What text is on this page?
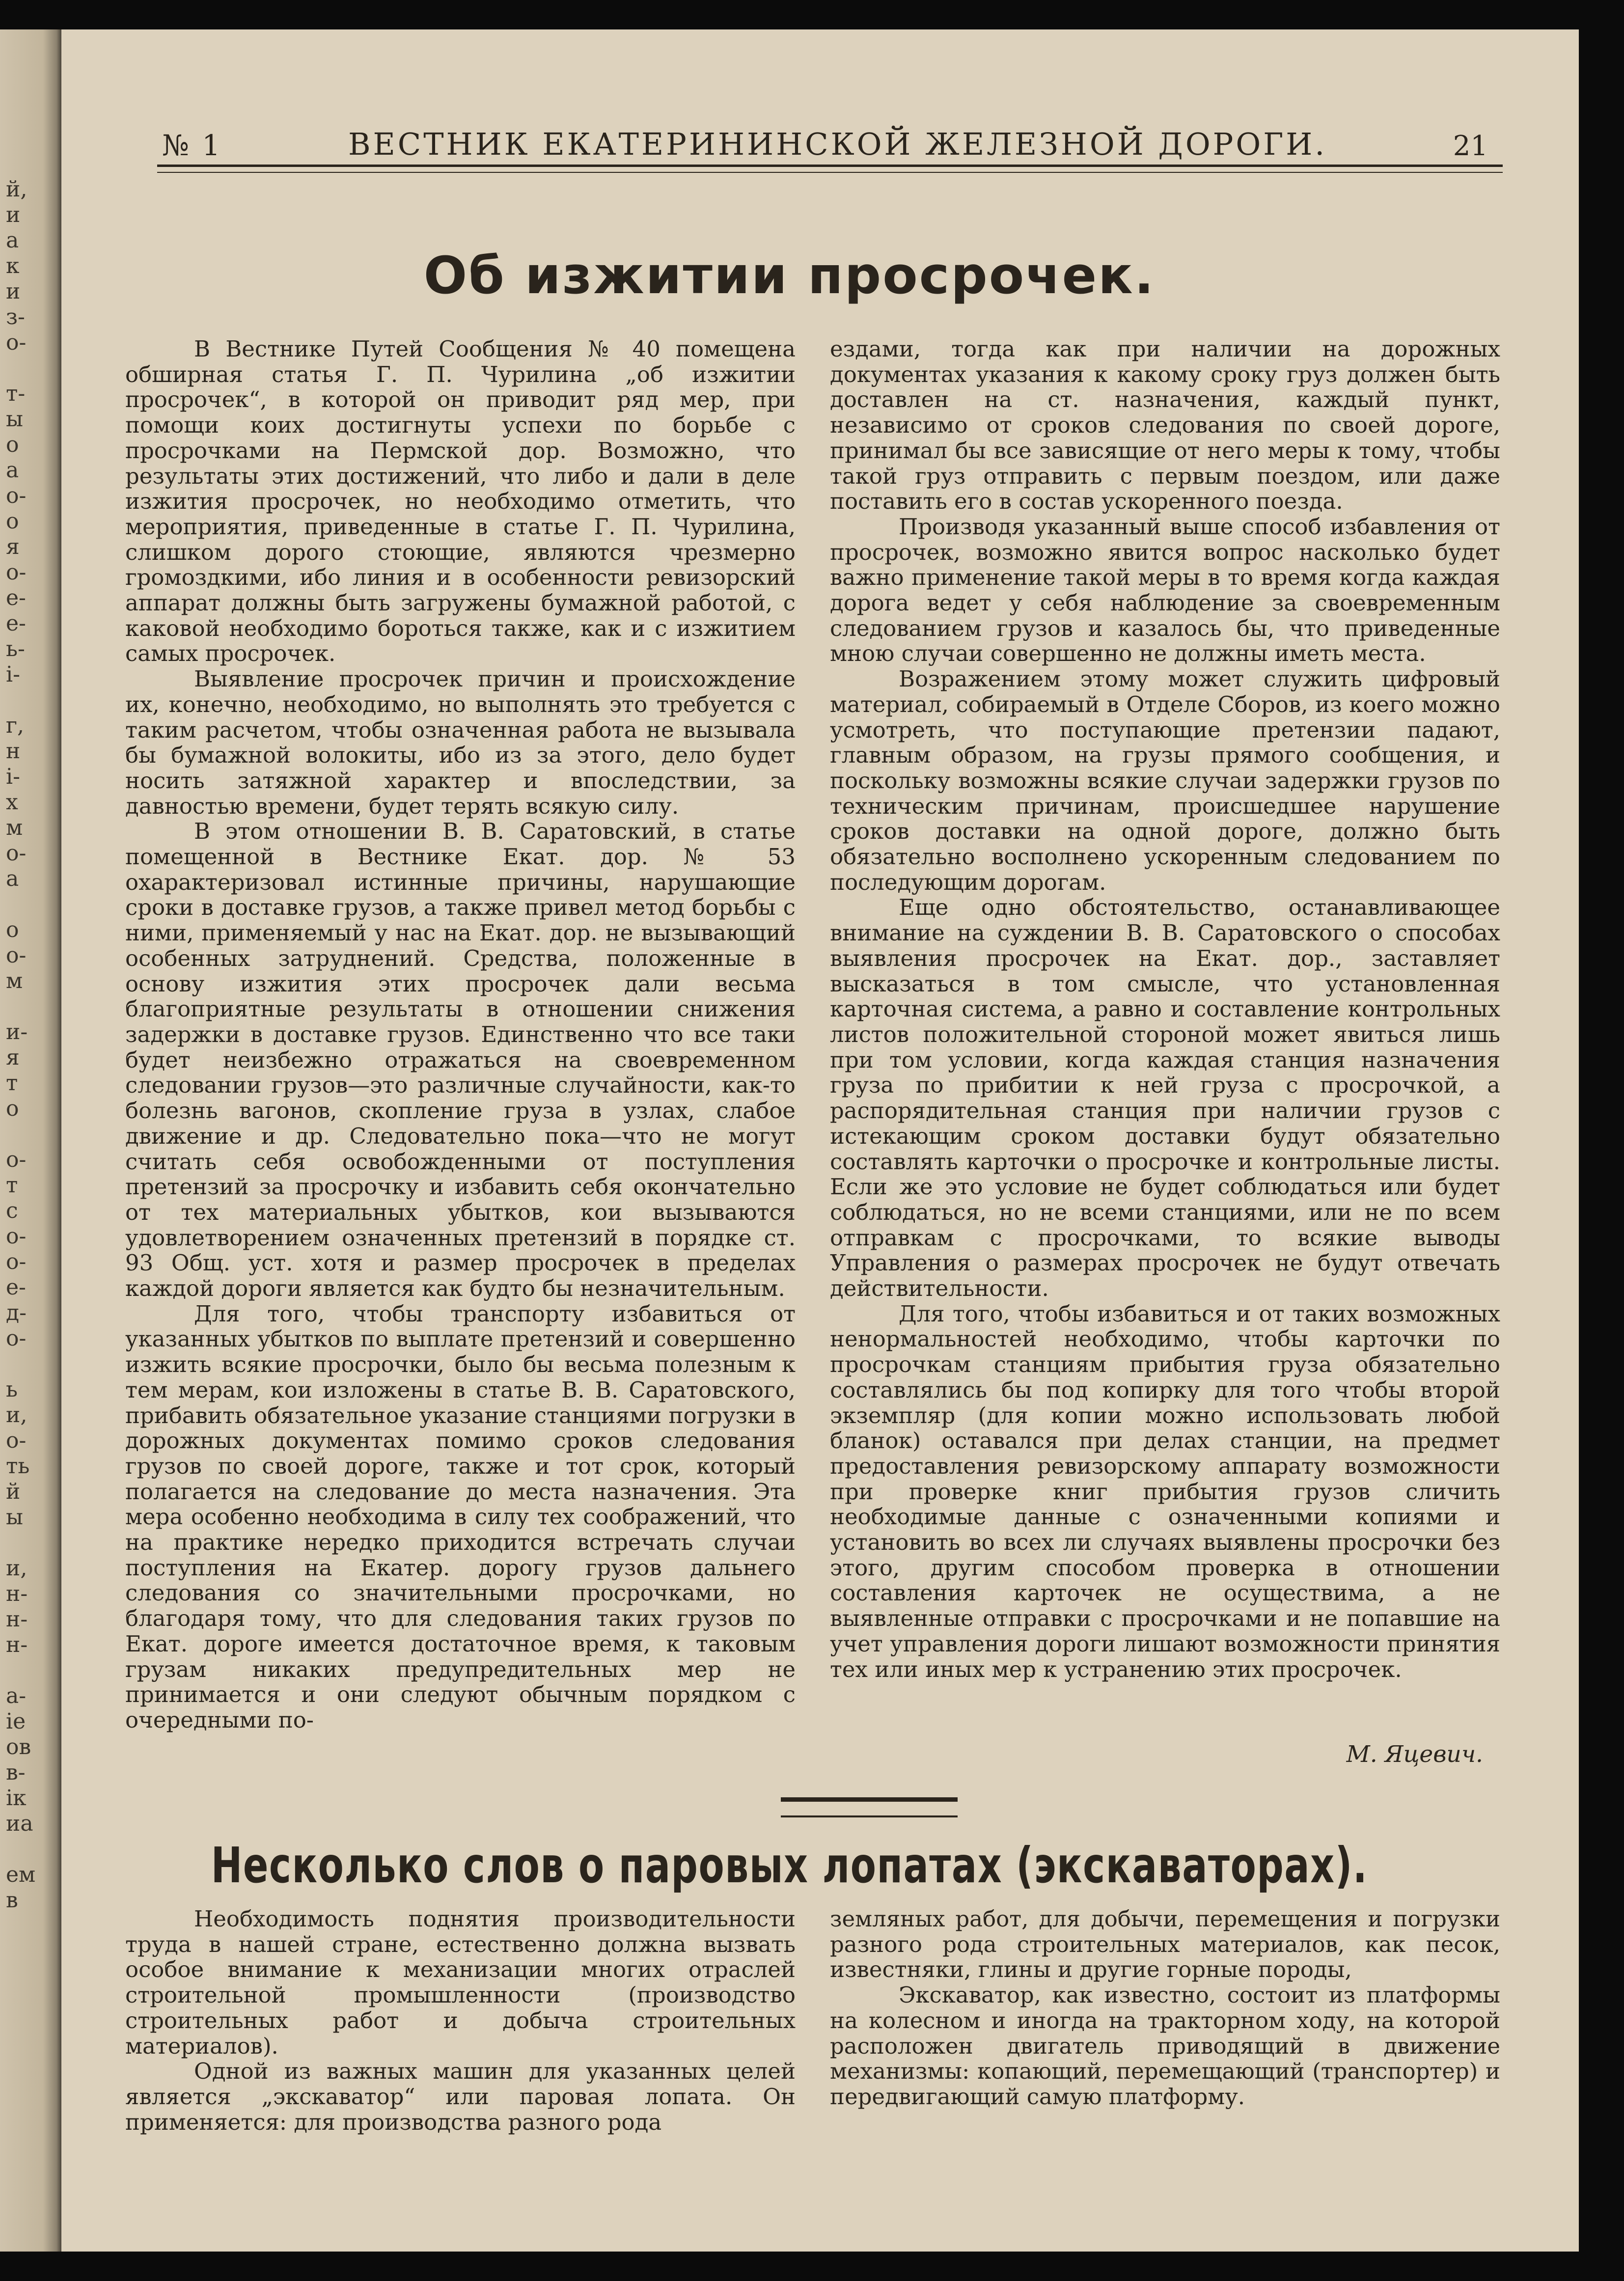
й,
и
а
к
и
з-
о-
т-
ы
о
а
о-
о
я
о-
е-
е-
ь-
і-
г,
н
і-
х
м
о-
а
о
о-
м
и-
я
т
о
о-
т
с
о-
о-
е-
д-
о-
ь
и,
о-
ть
й
ы
и,
н-
н-
н-
а-
іе
ов
в-
ік
иа
ем
в
№ 1	ВЕСТНИК ЕКАТЕРИНИНСКОЙ ЖЕЛЕЗНОЙ ДОРОГИ.	21
Об изжитии просрочек.

В Вестнике Путей Сообщения № 40 помещена обширная статья Г. П. Чурилина „об изжитии просрочек“, в которой он приводит ряд мер, при помощи коих достигнуты успехи по борьбе с просрочками на Пермской дор. Возможно, что результаты этих достижений, что либо и дали в деле изжития просрочек, но необходимо отметить, что мероприятия, приведенные в статье Г. П. Чурилина, слишком дорого стоющие, являются чрезмерно громоздкими, ибо линия и в особенности ревизорский аппарат должны быть загружены бумажной работой, с каковой необходимо бороться также, как и с изжитием самых просрочек.

Выявление просрочек причин и происхождение их, конечно, необходимо, но выполнять это требуется с таким расчетом, чтобы означенная работа не вызывала бы бумажной волокиты, ибо из за этого, дело будет носить затяжной характер и впоследствии, за давностью времени, будет терять всякую силу.

В этом отношении В. В. Саратовский, в статье помещенной в Вестнике Екат. дор. № 53 охарактеризовал истинные причины, нарушающие сроки в доставке грузов, а также привел метод борьбы с ними, применяемый у нас на Екат. дор. не вызывающий особенных затруднений. Средства, положенные в основу изжития этих просрочек дали весьма благоприятные результаты в отношении снижения задержки в доставке грузов. Единственно что все таки будет неизбежно отражаться на своевременном следовании грузов—это различные случайности, как-то болезнь вагонов, скопление груза в узлах, слабое движение и др. Следовательно пока—что не могут считать себя освобожденными от поступления претензий за просрочку и избавить себя окончательно от тех материальных убытков, кои вызываются удовлетворением означенных претензий в порядке ст. 93 Общ. уст. хотя и размер просрочек в пределах каждой дороги является как будто бы незначительным.

Для того, чтобы транспорту избавиться от указанных убытков по выплате претензий и совершенно изжить всякие просрочки, было бы весьма полезным к тем мерам, кои изложены в статье В. В. Саратовского, прибавить обязательное указание станциями погрузки в дорожных документах помимо сроков следования грузов по своей дороге, также и тот срок, который полагается на следование до места назначения. Эта мера особенно необходима в силу тех соображений, что на практике нередко приходится встречать случаи поступления на Екатер. дорогу грузов дальнего следования со значительными просрочками, но благодаря тому, что для следования таких грузов по Екат. дороге имеется достаточное время, к таковым грузам никаких предупредительных мер не принимается и они следуют обычным порядком с очередными по-

ездами, тогда как при наличии на дорожных документах указания к какому сроку груз должен быть доставлен на ст. назначения, каждый пункт, независимо от сроков следования по своей дороге, принимал бы все зависящие от него меры к тому, чтобы такой груз отправить с первым поездом, или даже поставить его в состав ускоренного поезда.

Производя указанный выше способ избавления от просрочек, возможно явится вопрос насколько будет важно применение такой меры в то время когда каждая дорога ведет у себя наблюдение за своевременным следованием грузов и казалось бы, что приведенные мною случаи совершенно не должны иметь места.

Возражением этому может служить цифровый материал, собираемый в Отделе Сборов, из коего можно усмотреть, что поступающие претензии падают, главным образом, на грузы прямого сообщения, и поскольку возможны всякие случаи задержки грузов по техническим причинам, происшедшее нарушение сроков доставки на одной дороге, должно быть обязательно восполнено ускоренным следованием по последующим дорогам.

Еще одно обстоятельство, останавливающее внимание на суждении В. В. Саратовского о способах выявления просрочек на Екат. дор., заставляет высказаться в том смысле, что установленная карточная система, а равно и составление контрольных листов положительной стороной может явиться лишь при том условии, когда каждая станция назначения груза по прибитии к ней груза с просрочкой, а распорядительная станция при наличии грузов с истекающим сроком доставки будут обязательно составлять карточки о просрочке и контрольные листы. Если же это условие не будет соблюдаться или будет соблюдаться, но не всеми станциями, или не по всем отправкам с просрочками, то всякие выводы Управления о размерах просрочек не будут отвечать действительности.

Для того, чтобы избавиться и от таких возможных ненормальностей необходимо, чтобы карточки по просрочкам станциям прибытия груза обязательно составлялись бы под копирку для того чтобы второй экземпляр (для копии можно использовать любой бланок) оставался при делах станции, на предмет предоставления ревизорскому аппарату возможности при проверке книг прибытия грузов сличить необходимые данные с означенными копиями и установить во всех ли случаях выявлены просрочки без этого, другим способом проверка в отношении составления карточек не осуществима, а не выявленные отправки с просрочками и не попавшие на учет управления дороги лишают возможности принятия тех или иных мер к устранению этих просрочек.

М. Яцевич.
Несколько слов о паровых лопатах (экскаваторах).

Необходимость поднятия производительности труда в нашей стране, естественно должна вызвать особое внимание к механизации многих отраслей строительной промышленности (производство строительных работ и добыча строительных материалов).

Одной из важных машин для указанных целей является „экскаватор“ или паровая лопата. Он применяется: для производства разного рода

земляных работ, для добычи, перемещения и погрузки разного рода строительных материалов, как песок, известняки, глины и другие горные породы,

Экскаватор, как известно, состоит из платформы на колесном и иногда на тракторном ходу, на которой расположен двигатель приводящий в движение механизмы: копающий, перемещающий (транспортер) и передвигающий самую платформу.
